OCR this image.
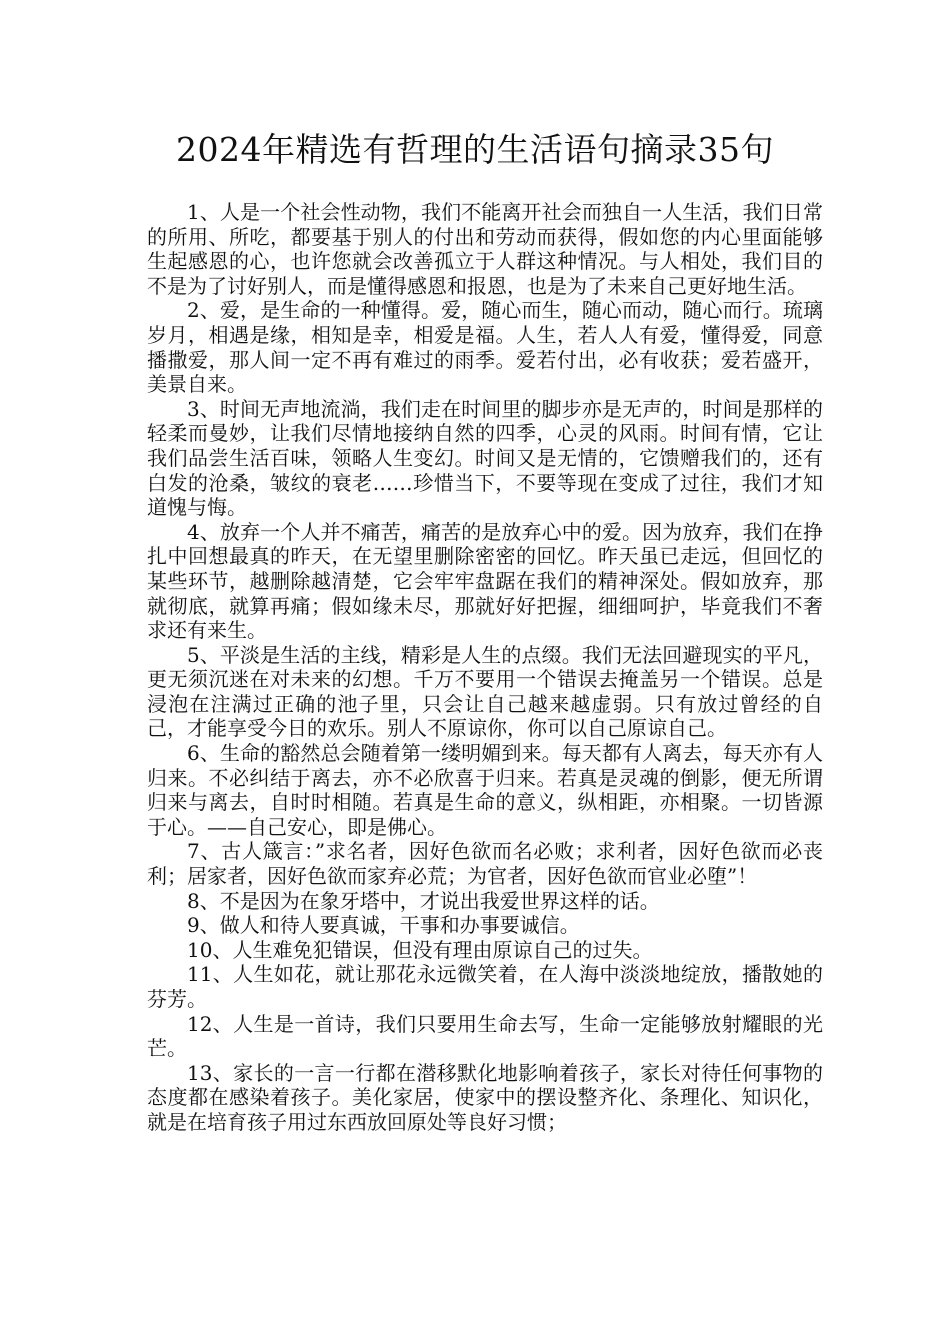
2024年精选有哲理的生活语句摘录35句

1、人是一个社会性动物，我们不能离开社会而独自一人生活，我们日常的所用、所吃，都要基于别人的付出和劳动而获得，假如您的内心里面能够生起感恩的心，也许您就会改善孤立于人群这种情况。与人相处，我们目的不是为了讨好别人，而是懂得感恩和报恩，也是为了未来自己更好地生活。

2、爱，是生命的一种懂得。爱，随心而生，随心而动，随心而行。琉璃岁月，相遇是缘，相知是幸，相爱是福。人生，若人人有爱，懂得爱，同意播撒爱，那人间一定不再有难过的雨季。爱若付出，必有收获；爱若盛开，美景自来。

3、时间无声地流淌，我们走在时间里的脚步亦是无声的，时间是那样的轻柔而曼妙，让我们尽情地接纳自然的四季，心灵的风雨。时间有情，它让我们品尝生活百味，领略人生变幻。时间又是无情的，它馈赠我们的，还有白发的沧桑，皱纹的衰老……珍惜当下，不要等现在变成了过往，我们才知道愧与悔。

4、放弃一个人并不痛苦，痛苦的是放弃心中的爱。因为放弃，我们在挣扎中回想最真的昨天，在无望里删除密密的回忆。昨天虽已走远，但回忆的某些环节，越删除越清楚，它会牢牢盘踞在我们的精神深处。假如放弃，那就彻底，就算再痛；假如缘未尽，那就好好把握，细细呵护，毕竟我们不奢求还有来生。

5、平淡是生活的主线，精彩是人生的点缀。我们无法回避现实的平凡，更无须沉迷在对未来的幻想。千万不要用一个错误去掩盖另一个错误。总是浸泡在注满过正确的池子里，只会让自己越来越虚弱。只有放过曾经的自己，才能享受今日的欢乐。别人不原谅你，你可以自己原谅自己。

6、生命的豁然总会随着第一缕明媚到来。每天都有人离去，每天亦有人归来。不必纠结于离去，亦不必欣喜于归来。若真是灵魂的倒影，便无所谓归来与离去，自时时相随。若真是生命的意义，纵相距，亦相聚。一切皆源于心。——自己安心，即是佛心。

7、古人箴言：”求名者，因好色欲而名必败；求利者，因好色欲而必丧利；居家者，因好色欲而家弃必荒；为官者，因好色欲而官业必堕”！

8、不是因为在象牙塔中，才说出我爱世界这样的话。

9、做人和待人要真诚，干事和办事要诚信。

10、人生难免犯错误，但没有理由原谅自己的过失。

11、人生如花，就让那花永远微笑着，在人海中淡淡地绽放，播散她的芬芳。

12、人生是一首诗，我们只要用生命去写，生命一定能够放射耀眼的光芒。

13、家长的一言一行都在潜移默化地影响着孩子，家长对待任何事物的态度都在感染着孩子。美化家居，使家中的摆设整齐化、条理化、知识化，就是在培育孩子用过东西放回原处等良好习惯；
